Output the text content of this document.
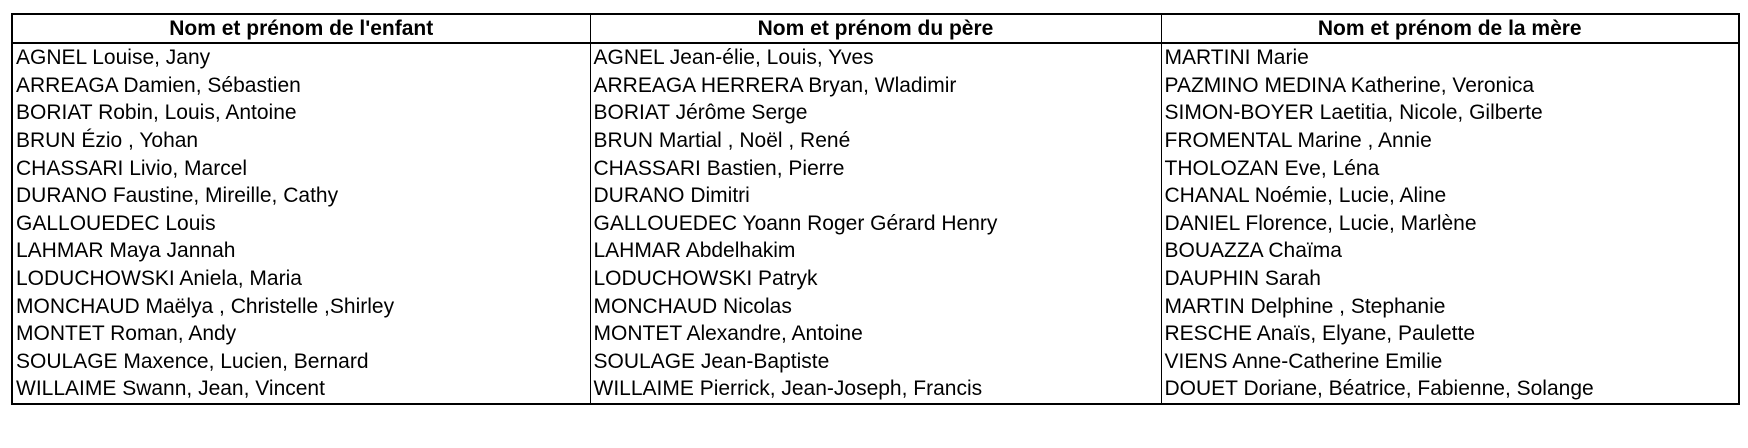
Nom et prénom de l'enfant	Nom et prénom du père	Nom et prénom de la mère
AGNEL Louise, Jany	AGNEL Jean-élie, Louis, Yves	MARTINI Marie
ARREAGA Damien, Sébastien	ARREAGA HERRERA Bryan, Wladimir	PAZMINO MEDINA Katherine, Veronica
BORIAT Robin, Louis, Antoine	BORIAT Jérôme Serge	SIMON-BOYER Laetitia, Nicole, Gilberte
BRUN Ézio , Yohan	BRUN Martial , Noël , René	FROMENTAL Marine , Annie
CHASSARI Livio, Marcel	CHASSARI Bastien, Pierre	THOLOZAN Eve, Léna
DURANO Faustine, Mireille, Cathy	DURANO Dimitri	CHANAL Noémie, Lucie, Aline
GALLOUEDEC Louis	GALLOUEDEC Yoann Roger Gérard Henry	DANIEL Florence, Lucie, Marlène
LAHMAR Maya Jannah	LAHMAR Abdelhakim	BOUAZZA Chaïma
LODUCHOWSKI Aniela, Maria	LODUCHOWSKI Patryk	DAUPHIN Sarah
MONCHAUD Maëlya , Christelle ,Shirley	MONCHAUD Nicolas	MARTIN Delphine , Stephanie
MONTET Roman, Andy	MONTET Alexandre, Antoine	RESCHE Anaïs, Elyane, Paulette
SOULAGE Maxence, Lucien, Bernard	SOULAGE Jean-Baptiste	VIENS Anne-Catherine Emilie
WILLAIME Swann, Jean, Vincent	WILLAIME Pierrick, Jean-Joseph, Francis	DOUET Doriane, Béatrice, Fabienne, Solange
